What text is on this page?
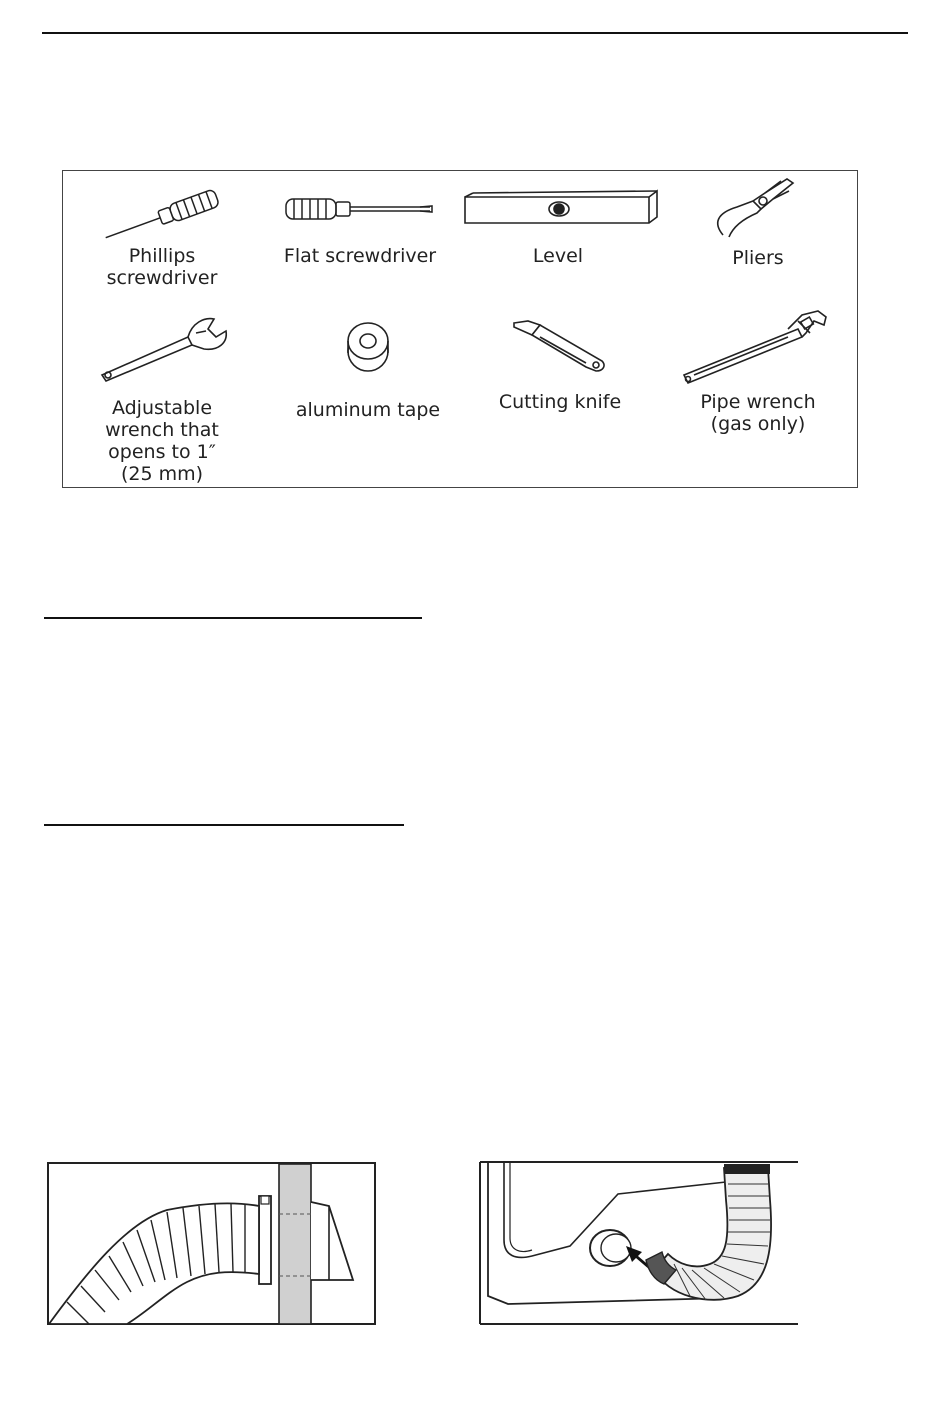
Phillips
screwdriver
Flat screwdriver	Level	Pliers
Adjustable
wrench that
opens to 1″
(25 mm)
aluminum tape	Cutting knife	Pipe wrench
(gas only)
